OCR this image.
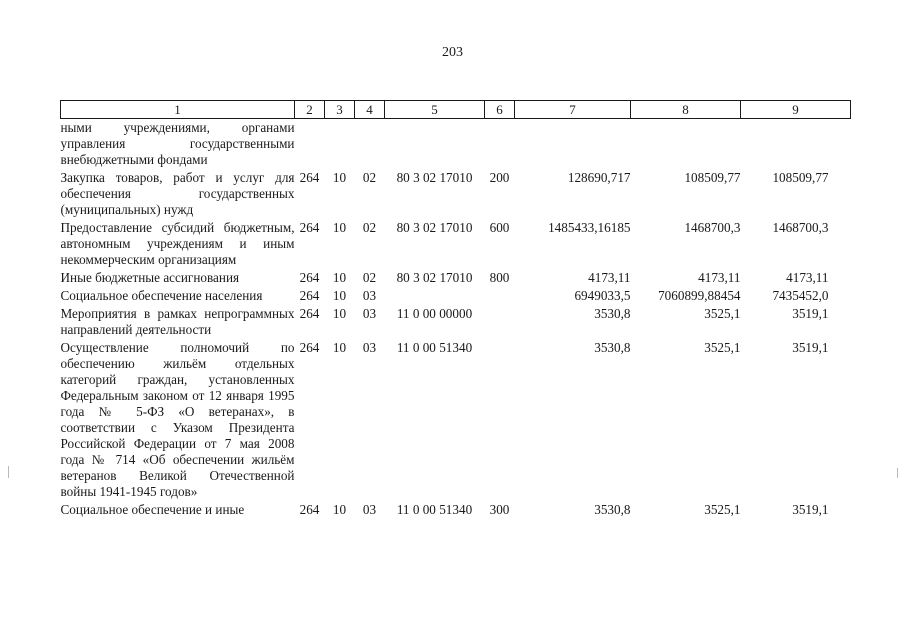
203
1	2	3	4	5	6	7	8	9
ными учреждениями, органами управления государственными внебюджетными фондами								
Закупка товаров, работ и услуг для обеспечения государственных (муниципальных) нужд	264	10	02	80 3 02 17010	200	128690,717	108509,77	108509,77
Предоставление субсидий бюджетным, автономным учреждениям и иным некоммерческим организациям	264	10	02	80 3 02 17010	600	1485433,16185	1468700,3	1468700,3
Иные бюджетные ассигнования	264	10	02	80 3 02 17010	800	4173,11	4173,11	4173,11
Социальное обеспечение населения	264	10	03			6949033,5	7060899,88454	7435452,0
Мероприятия в рамках непрограммных направлений деятельности	264	10	03	11 0 00 00000		3530,8	3525,1	3519,1
Осуществление полномочий по обеспечению жильём отдельных категорий граждан, установленных Федеральным законом от 12 января 1995 года № 5-ФЗ «О ветеранах», в соответствии с Указом Президента Российской Федерации от 7 мая 2008 года № 714 «Об обеспечении жильём ветеранов Великой Отечественной войны 1941-1945 годов»	264	10	03	11 0 00 51340		3530,8	3525,1	3519,1
Социальное обеспечение и иные	264	10	03	11 0 00 51340	300	3530,8	3525,1	3519,1
